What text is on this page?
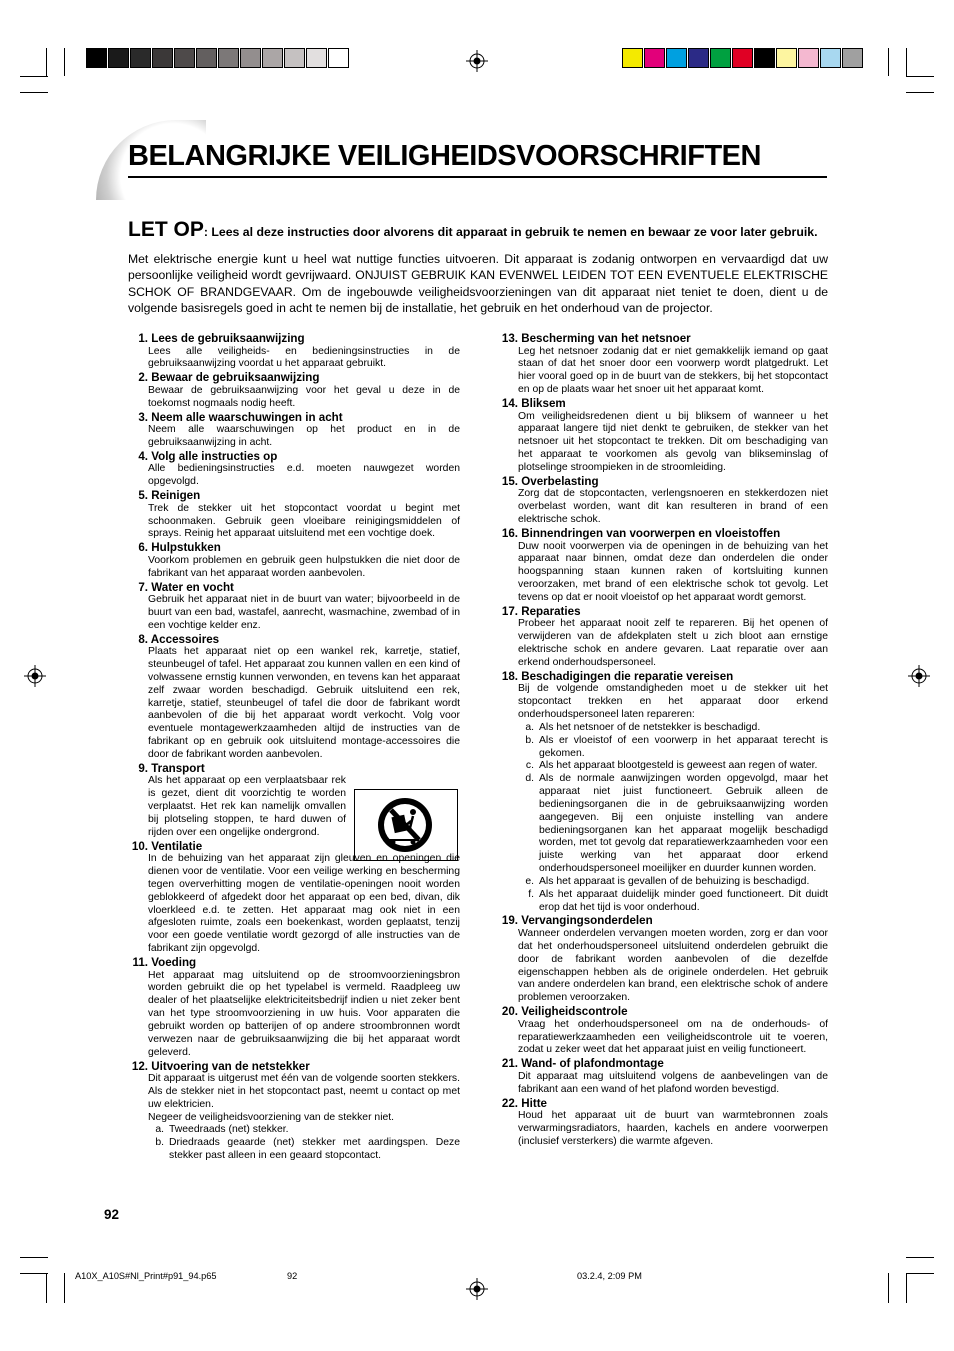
BELANGRIJKE VEILIGHEIDSVOORSCHRIFTEN
LET OP: Lees al deze instructies door alvorens dit apparaat in gebruik te nemen en bewaar ze voor later gebruik.
Met elektrische energie kunt u heel wat nuttige functies uitvoeren. Dit apparaat is zodanig ontworpen en vervaardigd dat uw persoonlijke veiligheid wordt gevrijwaard. ONJUIST GEBRUIK KAN EVENWEL LEIDEN TOT EEN EVENTUELE ELEKTRISCHE SCHOK OF BRANDGEVAAR. Om de ingebouwde veiligheidsvoorzieningen van dit apparaat niet teniet te doen, dient u de volgende basisregels goed in acht te nemen bij de installatie, het gebruik en het onderhoud van de projector.
1. Lees de gebruiksaanwijzing
Lees alle veiligheids- en bedieningsinstructies in de gebruiksaanwijzing voordat u het apparaat gebruikt.
2. Bewaar de gebruiksaanwijzing
Bewaar de gebruiksaanwijzing voor het geval u deze in de toekomst nogmaals nodig heeft.
3. Neem alle waarschuwingen in acht
Neem alle waarschuwingen op het product en in de gebruiksaanwijzing in acht.
4. Volg alle instructies op
Alle bedieningsinstructies e.d. moeten nauwgezet worden opgevolgd.
5. Reinigen
Trek de stekker uit het stopcontact voordat u begint met schoonmaken. Gebruik geen vloeibare reinigingsmiddelen of sprays. Reinig het apparaat uitsluitend met een vochtige doek.
6. Hulpstukken
Voorkom problemen en gebruik geen hulpstukken die niet door de fabrikant van het apparaat worden aanbevolen.
7. Water en vocht
Gebruik het apparaat niet in de buurt van water; bijvoorbeeld in de buurt van een bad, wastafel, aanrecht, wasmachine, zwembad of in een vochtige kelder enz.
8. Accessoires
Plaats het apparaat niet op een wankel rek, karretje, statief, steunbeugel of tafel. Het apparaat zou kunnen vallen en een kind of volwassene ernstig kunnen verwonden, en tevens kan het apparaat zelf zwaar worden beschadigd. Gebruik uitsluitend een rek, karretje, statief, steunbeugel of tafel die door de fabrikant wordt aanbevolen of die bij het apparaat wordt verkocht. Volg voor eventuele montagewerkzaamheden altijd de instructies van de fabrikant op en gebruik ook uitsluitend montage-accessoires die door de fabrikant worden aanbevolen.
9. Transport
Als het apparaat op een verplaatsbaar rek is gezet, dient dit voorzichtig te worden verplaatst. Het rek kan namelijk omvallen bij plotseling stoppen, te hard duwen of rijden over een ongelijke ondergrond.
10. Ventilatie
In de behuizing van het apparaat zijn gleuven en openingen die dienen voor de ventilatie. Voor een veilige werking en bescherming tegen oververhitting mogen de ventilatie-openingen nooit worden geblokkeerd of afgedekt door het apparaat op een bed, divan, dik vloerkleed e.d. te zetten. Het apparaat mag ook niet in een afgesloten ruimte, zoals een boekenkast, worden geplaatst, tenzij voor een goede ventilatie wordt gezorgd of alle instructies van de fabrikant zijn opgevolgd.
11. Voeding
Het apparaat mag uitsluitend op de stroomvoorzieningsbron worden gebruikt die op het typelabel is vermeld. Raadpleeg uw dealer of het plaatselijke elektriciteitsbedrijf indien u niet zeker bent van het type stroomvoorziening in uw huis. Voor apparaten die gebruikt worden op batterijen of op andere stroombronnen wordt verwezen naar de gebruiksaanwijzing die bij het apparaat wordt geleverd.
12. Uitvoering van de netstekker
Dit apparaat is uitgerust met één van de volgende soorten stekkers. Als de stekker niet in het stopcontact past, neemt u contact op met uw elektricien.
Negeer de veiligheidsvoorziening van de stekker niet.
a. Tweedraads (net) stekker.
b. Driedraads geaarde (net) stekker met aardingspen. Deze stekker past alleen in een geaard stopcontact.
13. Bescherming van het netsnoer
Leg het netsnoer zodanig dat er niet gemakkelijk iemand op gaat staan of dat het snoer door een voorwerp wordt platgedrukt. Let hier vooral goed op in de buurt van de stekkers, bij het stopcontact en op de plaats waar het snoer uit het apparaat komt.
14. Bliksem
Om veiligheidsredenen dient u bij bliksem of wanneer u het apparaat langere tijd niet denkt te gebruiken, de stekker van het netsnoer uit het stopcontact te trekken. Dit om beschadiging van het apparaat te voorkomen als gevolg van blikseminslag of plotselinge stroompieken in de stroomleiding.
15. Overbelasting
Zorg dat de stopcontacten, verlengsnoeren en stekkerdozen niet overbelast worden, want dit kan resulteren in brand of een elektrische schok.
16. Binnendringen van voorwerpen en vloeistoffen
Duw nooit voorwerpen via de openingen in de behuizing van het apparaat naar binnen, omdat deze dan onderdelen die onder hoogspanning staan kunnen raken of kortsluiting kunnen veroorzaken, met brand of een elektrische schok tot gevolg. Let tevens op dat er nooit vloeistof op het apparaat wordt gemorst.
17. Reparaties
Probeer het apparaat nooit zelf te repareren. Bij het openen of verwijderen van de afdekplaten stelt u zich bloot aan ernstige elektrische schok en andere gevaren. Laat reparatie over aan erkend onderhoudspersoneel.
18. Beschadigingen die reparatie vereisen
Bij de volgende omstandigheden moet u de stekker uit het stopcontact trekken en het apparaat door erkend onderhoudspersoneel laten repareren:
a. Als het netsnoer of de netstekker is beschadigd.
b. Als er vloeistof of een voorwerp in het apparaat terecht is gekomen.
c. Als het apparaat blootgesteld is geweest aan regen of water.
d. Als de normale aanwijzingen worden opgevolgd, maar het apparaat niet juist functioneert. Gebruik alleen de bedieningsorganen die in de gebruiksaanwijzing worden aangegeven. Bij een onjuiste instelling van andere bedieningsorganen kan het apparaat mogelijk beschadigd worden, met tot gevolg dat reparatiewerkzaamheden voor een juiste werking van het apparaat door erkend onderhoudspersoneel moeilijker en duurder kunnen worden.
e. Als het apparaat is gevallen of de behuizing is beschadigd.
f. Als het apparaat duidelijk minder goed functioneert. Dit duidt erop dat het tijd is voor onderhoud.
19. Vervangingsonderdelen
Wanneer onderdelen vervangen moeten worden, zorg er dan voor dat het onderhoudspersoneel uitsluitend onderdelen gebruikt die door de fabrikant worden aanbevolen of die dezelfde eigenschappen hebben als de originele onderdelen. Het gebruik van andere onderdelen kan brand, een elektrische schok of andere problemen veroorzaken.
20. Veiligheidscontrole
Vraag het onderhoudspersoneel om na de onderhouds- of reparatiewerkzaamheden een veiligheidscontrole uit te voeren, zodat u zeker weet dat het apparaat juist en veilig functioneert.
21. Wand- of plafondmontage
Dit apparaat mag uitsluitend volgens de aanbevelingen van de fabrikant aan een wand of het plafond worden bevestigd.
22. Hitte
Houd het apparaat uit de buurt van warmtebronnen zoals verwarmingsradiators, haarden, kachels en andere voorwerpen (inclusief versterkers) die warmte afgeven.
92
A10X_A10S#Nl_Print#p91_94.p65	92	03.2.4, 2:09 PM
